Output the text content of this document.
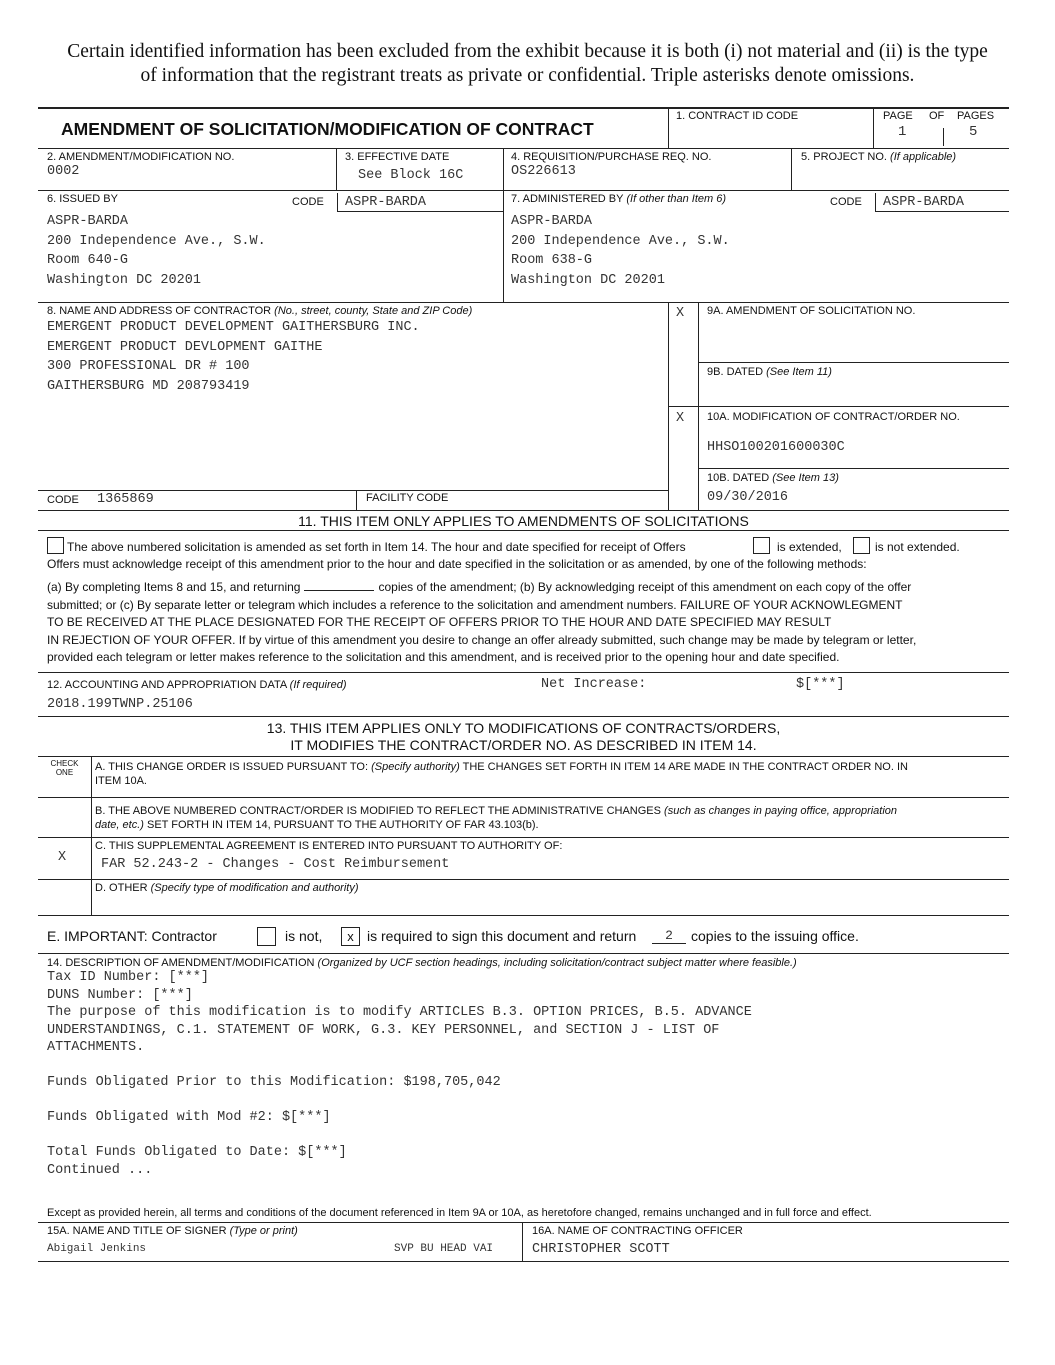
Certain identified information has been excluded from the exhibit because it is both (i) not material and (ii) is the type
of information that the registrant treats as private or confidential. Triple asterisks denote omissions.
AMENDMENT OF SOLICITATION/MODIFICATION OF CONTRACT
1. CONTRACT ID CODE	PAGE OF PAGES
1	5
2. AMENDMENT/MODIFICATION NO.
0002
3. EFFECTIVE DATE
See Block 16C
4. REQUISITION/PURCHASE REQ. NO.
OS226613
5. PROJECT NO. (If applicable)
6. ISSUED BY	CODE ASPR-BARDA
ASPR-BARDA
200 Independence Ave., S.W.
Room 640-G
Washington DC 20201
7. ADMINISTERED BY (If other than Item 6)	CODE ASPR-BARDA
ASPR-BARDA
200 Independence Ave., S.W.
Room 638-G
Washington DC 20201
8. NAME AND ADDRESS OF CONTRACTOR (No., street, county, State and ZIP Code)
EMERGENT PRODUCT DEVELOPMENT GAITHERSBURG INC.
EMERGENT PRODUCT DEVLOPMENT GAITHE
300 PROFESSIONAL DR # 100
GAITHERSBURG MD 208793419
CODE 1365869	FACILITY CODE
X 9A. AMENDMENT OF SOLICITATION NO.
9B. DATED (See Item 11)
X 10A. MODIFICATION OF CONTRACT/ORDER NO.
HHSO100201600030C
10B. DATED (See Item 13)
09/30/2016
11. THIS ITEM ONLY APPLIES TO AMENDMENTS OF SOLICITATIONS
The above numbered solicitation is amended as set forth in Item 14. The hour and date specified for receipt of Offers	is extended,	is not extended.
Offers must acknowledge receipt of this amendment prior to the hour and date specified in the solicitation or as amended, by one of the following methods:
(a) By completing Items 8 and 15, and returning	copies of the amendment; (b) By acknowledging receipt of this amendment on each copy of the offer
submitted; or (c) By separate letter or telegram which includes a reference to the solicitation and amendment numbers. FAILURE OF YOUR ACKNOWLEGMENT
TO BE RECEIVED AT THE PLACE DESIGNATED FOR THE RECEIPT OF OFFERS PRIOR TO THE HOUR AND DATE SPECIFIED MAY RESULT
IN REJECTION OF YOUR OFFER. If by virtue of this amendment you desire to change an offer already submitted, such change may be made by telegram or letter,
provided each telegram or letter makes reference to the solicitation and this amendment, and is received prior to the opening hour and date specified.
12. ACCOUNTING AND APPROPRIATION DATA (If required)	Net Increase:	$[***]
2018.199TWNP.25106
13. THIS ITEM APPLIES ONLY TO MODIFICATIONS OF CONTRACTS/ORDERS,
IT MODIFIES THE CONTRACT/ORDER NO. AS DESCRIBED IN ITEM 14.
CHECK
ONE	A. THIS CHANGE ORDER IS ISSUED PURSUANT TO: (Specify authority) THE CHANGES SET FORTH IN ITEM 14 ARE MADE IN THE CONTRACT ORDER NO. IN
ITEM 10A.
B. THE ABOVE NUMBERED CONTRACT/ORDER IS MODIFIED TO REFLECT THE ADMINISTRATIVE CHANGES (such as changes in paying office, appropriation
date, etc.) SET FORTH IN ITEM 14, PURSUANT TO THE AUTHORITY OF FAR 43.103(b).
X
C. THIS SUPPLEMENTAL AGREEMENT IS ENTERED INTO PURSUANT TO AUTHORITY OF:
FAR 52.243-2 - Changes - Cost Reimbursement
D. OTHER (Specify type of modification and authority)
E. IMPORTANT: Contractor	is not,	x is required to sign this document and return	2	copies to the issuing office.
14. DESCRIPTION OF AMENDMENT/MODIFICATION (Organized by UCF section headings, including solicitation/contract subject matter where feasible.)
Tax ID Number: [***]
DUNS Number: [***]
The purpose of this modification is to modify ARTICLES B.3. OPTION PRICES, B.5. ADVANCE
UNDERSTANDINGS, C.1. STATEMENT OF WORK, G.3. KEY PERSONNEL, and SECTION J - LIST OF
ATTACHMENTS.

Funds Obligated Prior to this Modification: $198,705,042

Funds Obligated with Mod #2: $[***]

Total Funds Obligated to Date: $[***]
Continued ...
Except as provided herein, all terms and conditions of the document referenced in Item 9A or 10A, as heretofore changed, remains unchanged and in full force and effect.
15A. NAME AND TITLE OF SIGNER (Type or print)
Abigail Jenkins	SVP BU HEAD VAI
16A. NAME OF CONTRACTING OFFICER
CHRISTOPHER SCOTT
